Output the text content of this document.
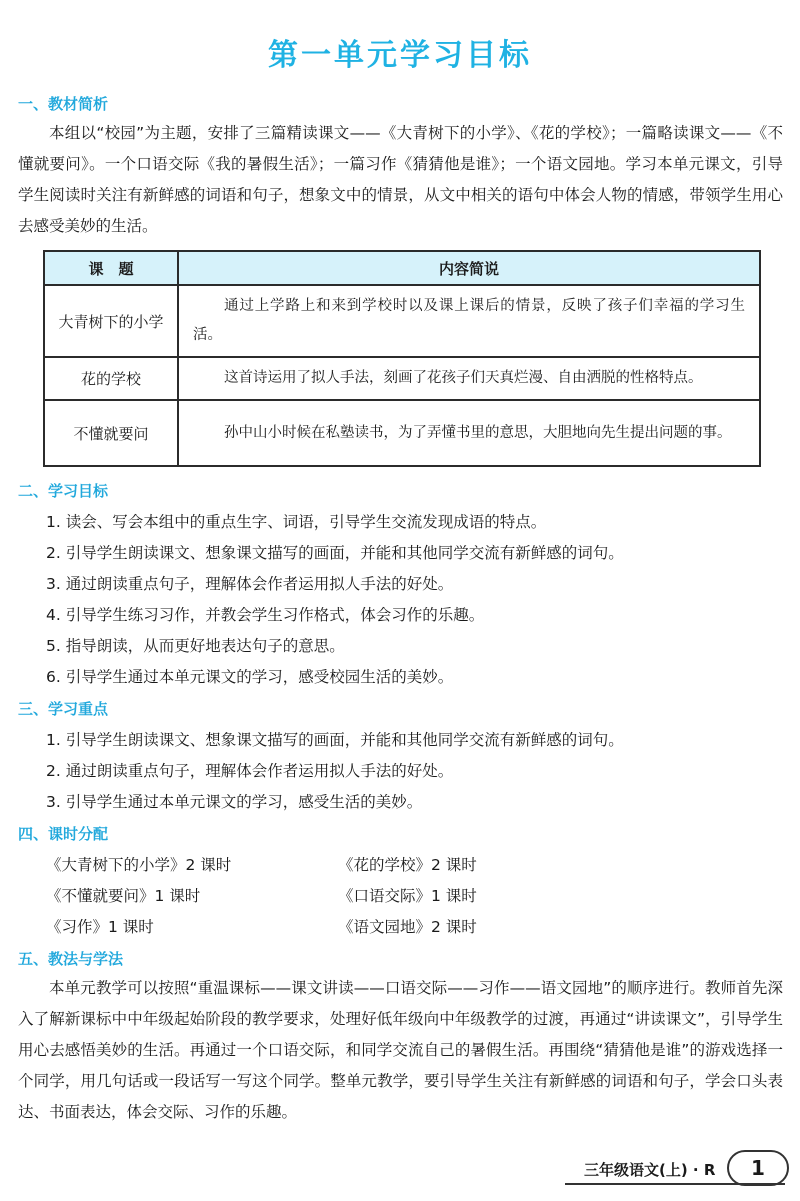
第一单元学习目标
一、教材简析
本组以“校园”为主题，安排了三篇精读课文——《大青树下的小学》、《花的学校》；一篇略读课文——《不懂就要问》。一个口语交际《我的暑假生活》；一篇习作《猜猜他是谁》；一个语文园地。学习本单元课文，引导学生阅读时关注有新鲜感的词语和句子，想象文中的情景，从文中相关的语句中体会人物的情感，带领学生用心去感受美妙的生活。
课　题	内容简说
大青树下的小学	通过上学路上和来到学校时以及课上课后的情景，反映了孩子们幸福的学习生活。
花的学校	这首诗运用了拟人手法，刻画了花孩子们天真烂漫、自由洒脱的性格特点。
不懂就要问	孙中山小时候在私塾读书，为了弄懂书里的意思，大胆地向先生提出问题的事。
二、学习目标
1. 读会、写会本组中的重点生字、词语，引导学生交流发现成语的特点。
2. 引导学生朗读课文、想象课文描写的画面，并能和其他同学交流有新鲜感的词句。
3. 通过朗读重点句子，理解体会作者运用拟人手法的好处。
4. 引导学生练习习作，并教会学生习作格式，体会习作的乐趣。
5. 指导朗读，从而更好地表达句子的意思。
6. 引导学生通过本单元课文的学习，感受校园生活的美妙。
三、学习重点
1. 引导学生朗读课文、想象课文描写的画面，并能和其他同学交流有新鲜感的词句。
2. 通过朗读重点句子，理解体会作者运用拟人手法的好处。
3. 引导学生通过本单元课文的学习，感受生活的美妙。
四、课时分配
《大青树下的小学》2 课时	《花的学校》2 课时
《不懂就要问》1 课时	《口语交际》1 课时
《习作》1 课时	《语文园地》2 课时
五、教法与学法
本单元教学可以按照“重温课标——课文讲读——口语交际——习作——语文园地”的顺序进行。教师首先深入了解新课标中中年级起始阶段的教学要求，处理好低年级向中年级教学的过渡，再通过“讲读课文”，引导学生用心去感悟美妙的生活。再通过一个口语交际，和同学交流自己的暑假生活。再围绕“猜猜他是谁”的游戏选择一个同学，用几句话或一段话写一写这个同学。整单元教学，要引导学生关注有新鲜感的词语和句子，学会口头表达、书面表达，体会交际、习作的乐趣。
三年级语文(上) · R	1
